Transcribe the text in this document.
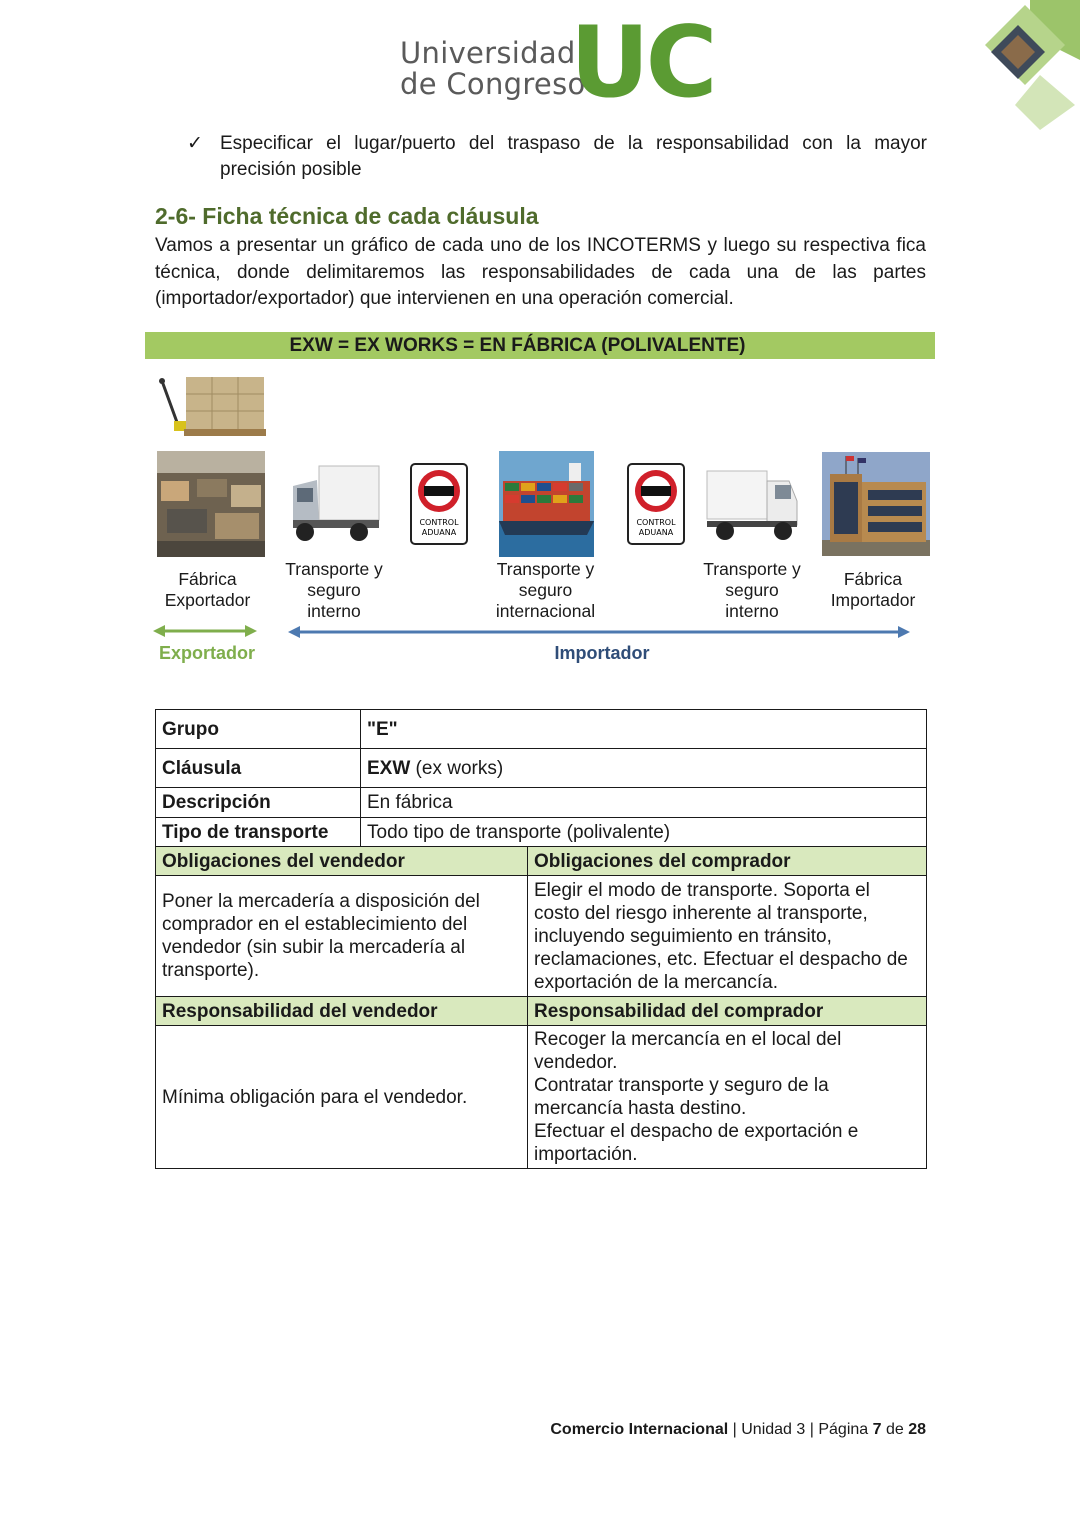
Universidad
de Congreso
UC
✓ Especificar el lugar/puerto del traspaso de la responsabilidad con la mayor precisión posible
2-6- Ficha técnica de cada cláusula
Vamos a presentar un gráfico de cada uno de los INCOTERMS y luego su respectiva fica técnica, donde delimitaremos las responsabilidades de cada una de las partes (importador/exportador) que intervienen en una operación comercial.
EXW = EX WORKS = EN FÁBRICA (POLIVALENTE)
CONTROL
ADUANA
CONTROL
ADUANA
Fábrica Exportador
Transporte y seguro interno
Transporte y seguro internacional
Transporte y seguro interno
Fábrica Importador
Exportador	Importador
Grupo	"E"	
Cláusula	EXW (ex works)	
Descripción	En fábrica	
Tipo de transporte	Todo tipo de transporte (polivalente)	
Obligaciones del vendedor		Obligaciones del comprador
Poner la mercadería a disposición del comprador en el establecimiento del vendedor (sin subir la mercadería al transporte).		Elegir el modo de transporte. Soporta el costo del riesgo inherente al transporte, incluyendo seguimiento en tránsito, reclamaciones, etc. Efectuar el despacho de exportación de la mercancía.
Responsabilidad del vendedor		Responsabilidad del comprador
Mínima obligación para el vendedor.		Recoger la mercancía en el local del vendedor.
Contratar transporte y seguro de la mercancía hasta destino.
Efectuar el despacho de exportación e importación.
Comercio Internacional | Unidad 3 | Página 7 de 28
